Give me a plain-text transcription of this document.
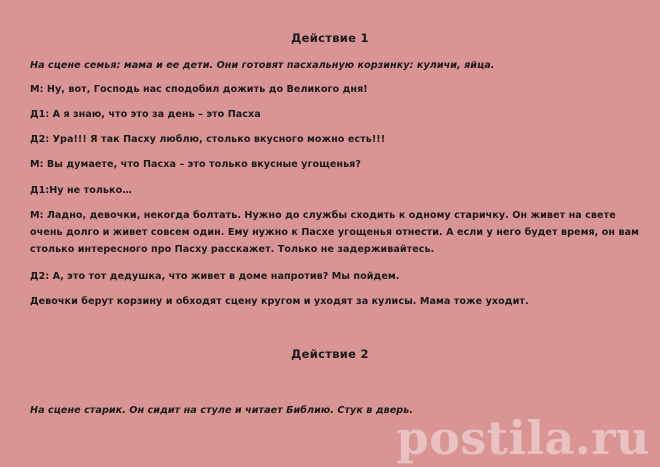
Действие 1
На сцене семья: мама и ее дети. Они готовят пасхальную корзинку: куличи, яйца.
М: Ну, вот, Господь нас сподобил дожить до Великого дня!
Д1: А я знаю, что это за день – это Пасха
Д2: Ура!!! Я так Пасху люблю, столько вкусного можно есть!!!
М: Вы думаете, что Пасха – это только вкусные угощенья?
Д1:Ну не только…
М: Ладно, девочки, некогда болтать. Нужно до службы сходить к одному старичку. Он живет на свете очень долго и живет совсем один. Ему нужно к Пасхе угощенья отнести. А если у него будет время, он вам столько интересного про Пасху расскажет. Только не задерживайтесь.
Д2: А, это тот дедушка, что живет в доме напротив? Мы пойдем.
Девочки берут корзину и обходят сцену кругом и уходят за кулисы. Мама тоже уходит.
Действие 2
На сцене старик. Он сидит на стуле и читает Библию. Стук в дверь.
postila.ru
